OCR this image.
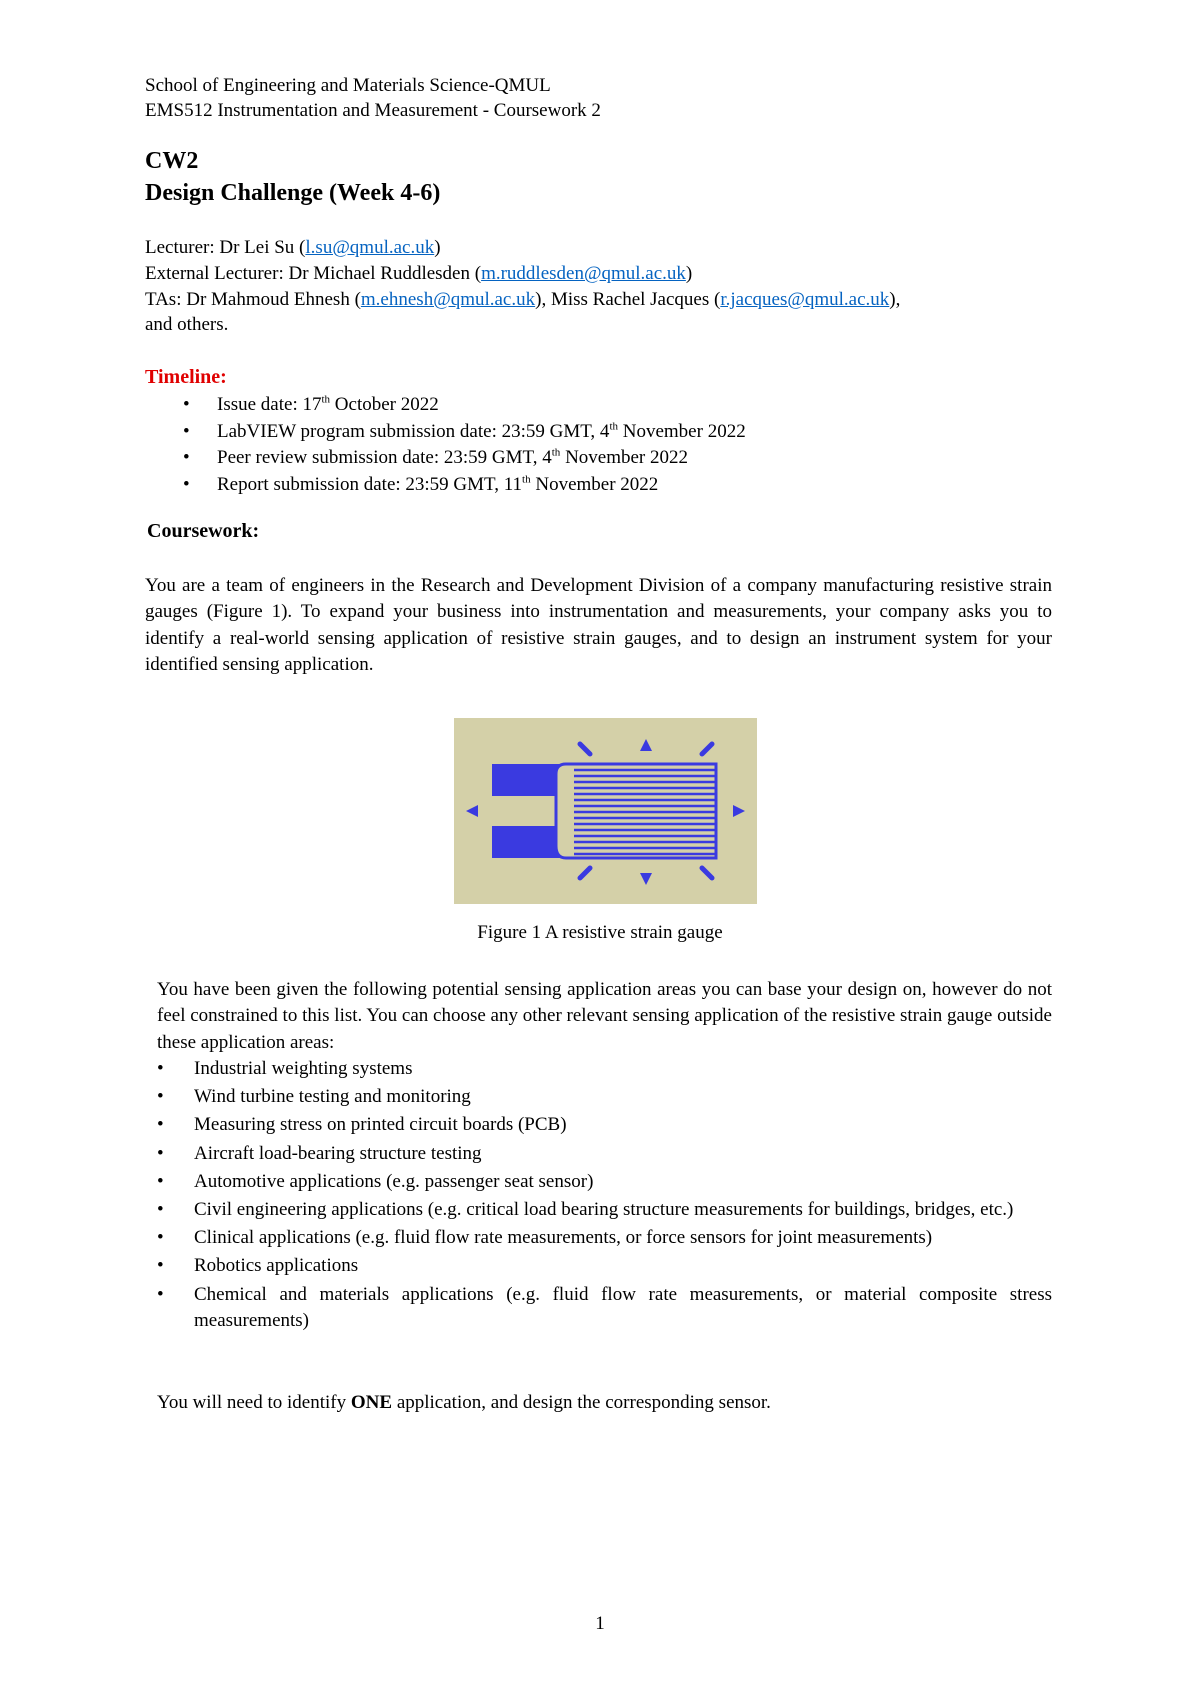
School of Engineering and Materials Science-QMUL
EMS512 Instrumentation and Measurement - Coursework 2
CW2
Design Challenge (Week 4-6)
Lecturer: Dr Lei Su (l.su@qmul.ac.uk)
External Lecturer: Dr Michael Ruddlesden (m.ruddlesden@qmul.ac.uk)
TAs: Dr Mahmoud Ehnesh (m.ehnesh@qmul.ac.uk), Miss Rachel Jacques (r.jacques@qmul.ac.uk),
and others.
Timeline:
• Issue date: 17th October 2022
• LabVIEW program submission date: 23:59 GMT, 4th November 2022
• Peer review submission date: 23:59 GMT, 4th November 2022
• Report submission date: 23:59 GMT, 11th November 2022
Coursework:
You are a team of engineers in the Research and Development Division of a company manufacturing resistive strain gauges (Figure 1). To expand your business into instrumentation and measurements, your company asks you to identify a real-world sensing application of resistive strain gauges, and to design an instrument system for your identified sensing application.
Figure 1 A resistive strain gauge
You have been given the following potential sensing application areas you can base your design on, however do not feel constrained to this list. You can choose any other relevant sensing application of the resistive strain gauge outside these application areas:
• Industrial weighting systems
• Wind turbine testing and monitoring
• Measuring stress on printed circuit boards (PCB)
• Aircraft load-bearing structure testing
• Automotive applications (e.g. passenger seat sensor)
• Civil engineering applications (e.g. critical load bearing structure measurements for buildings, bridges, etc.)
• Clinical applications (e.g. fluid flow rate measurements, or force sensors for joint measurements)
• Robotics applications
• Chemical and materials applications (e.g. fluid flow rate measurements, or material composite stress measurements)
You will need to identify ONE application, and design the corresponding sensor.
1
